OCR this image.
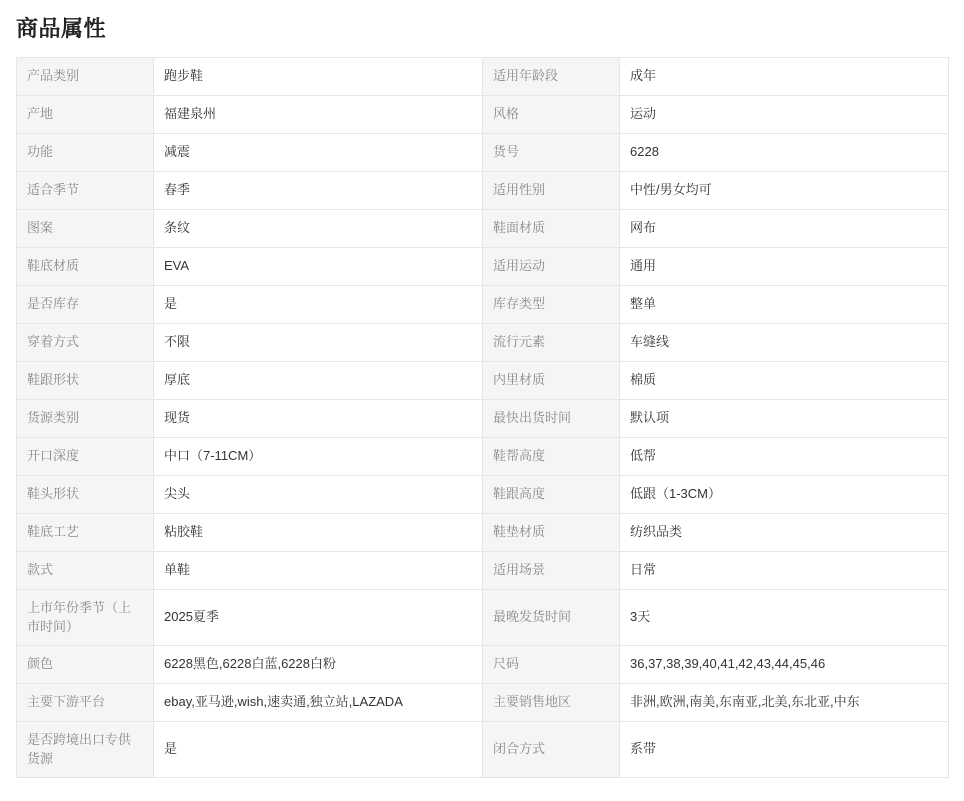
商品属性
产品类别	跑步鞋	适用年龄段	成年
产地	福建泉州	风格	运动
功能	减震	货号	6228
适合季节	春季	适用性别	中性/男女均可
图案	条纹	鞋面材质	网布
鞋底材质	EVA	适用运动	通用
是否库存	是	库存类型	整单
穿着方式	不限	流行元素	车缝线
鞋跟形状	厚底	内里材质	棉质
货源类别	现货	最快出货时间	默认项
开口深度	中口（7-11CM）	鞋帮高度	低帮
鞋头形状	尖头	鞋跟高度	低跟（1-3CM）
鞋底工艺	粘胶鞋	鞋垫材质	纺织品类
款式	单鞋	适用场景	日常
上市年份季节（上市时间）	2025夏季	最晚发货时间	3天
颜色	6228黑色,6228白蓝,6228白粉	尺码	36,37,38,39,40,41,42,43,44,45,46
主要下游平台	ebay,亚马逊,wish,速卖通,独立站,LAZADA	主要销售地区	非洲,欧洲,南美,东南亚,北美,东北亚,中东
是否跨境出口专供货源	是	闭合方式	系带
